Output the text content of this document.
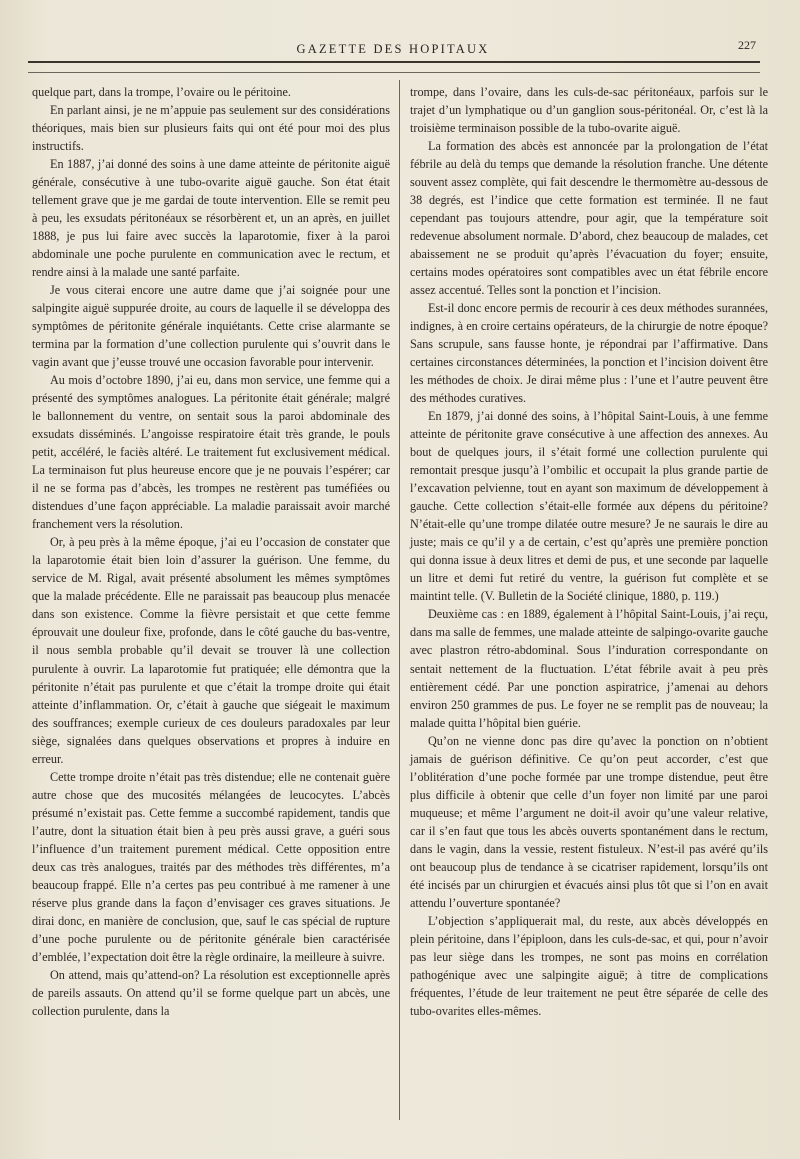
GAZETTE DES HOPITAUX	227

quelque part, dans la trompe, l’ovaire ou le péritoine.

En parlant ainsi, je ne m’appuie pas seulement sur des considérations théoriques, mais bien sur plusieurs faits qui ont été pour moi des plus instructifs.

En 1887, j’ai donné des soins à une dame atteinte de péritonite aiguë générale, consécutive à une tubo-ovarite aiguë gauche. Son état était tellement grave que je me gardai de toute intervention. Elle se remit peu à peu, les exsudats péritonéaux se résorbèrent et, un an après, en juillet 1888, je pus lui faire avec succès la laparotomie, fixer à la paroi abdominale une poche purulente en communication avec le rectum, et rendre ainsi à la malade une santé parfaite.

Je vous citerai encore une autre dame que j’ai soignée pour une salpingite aiguë suppurée droite, au cours de laquelle il se développa des symptômes de péritonite générale inquiétants. Cette crise alarmante se termina par la formation d’une collection purulente qui s’ouvrit dans le vagin avant que j’eusse trouvé une occasion favorable pour intervenir.

Au mois d’octobre 1890, j’ai eu, dans mon service, une femme qui a présenté des symptômes analogues. La péritonite était générale; malgré le ballonnement du ventre, on sentait sous la paroi abdominale des exsudats disséminés. L’angoisse respiratoire était très grande, le pouls petit, accéléré, le faciès altéré. Le traitement fut exclusivement médical. La terminaison fut plus heureuse encore que je ne pouvais l’espérer; car il ne se forma pas d’abcès, les trompes ne restèrent pas tuméfiées ou distendues d’une façon appréciable. La maladie paraissait avoir marché franchement vers la résolution.

Or, à peu près à la même époque, j’ai eu l’occasion de constater que la laparotomie était bien loin d’assurer la guérison. Une femme, du service de M. Rigal, avait présenté absolument les mêmes symptômes que la malade précédente. Elle ne paraissait pas beaucoup plus menacée dans son existence. Comme la fièvre persistait et que cette femme éprouvait une douleur fixe, profonde, dans le côté gauche du bas-ventre, il nous sembla probable qu’il devait se trouver là une collection purulente à ouvrir. La laparotomie fut pratiquée; elle démontra que la péritonite n’était pas purulente et que c’était la trompe droite qui était atteinte d’inflammation. Or, c’était à gauche que siégeait le maximum des souffrances; exemple curieux de ces douleurs paradoxales par leur siège, signalées dans quelques observations et propres à induire en erreur.

Cette trompe droite n’était pas très distendue; elle ne contenait guère autre chose que des mucosités mélangées de leucocytes. L’abcès présumé n’existait pas. Cette femme a succombé rapidement, tandis que l’autre, dont la situation était bien à peu près aussi grave, a guéri sous l’influence d’un traitement purement médical. Cette opposition entre deux cas très analogues, traités par des méthodes très différentes, m’a beaucoup frappé. Elle n’a certes pas peu contribué à me ramener à une réserve plus grande dans la façon d’envisager ces graves situations. Je dirai donc, en manière de conclusion, que, sauf le cas spécial de rupture d’une poche purulente ou de péritonite générale bien caractérisée d’emblée, l’expectation doit être la règle ordinaire, la meilleure à suivre.

On attend, mais qu’attend-on? La résolution est exceptionnelle après de pareils assauts. On attend qu’il se forme quelque part un abcès, une collection purulente, dans la

trompe, dans l’ovaire, dans les culs-de-sac péritonéaux, parfois sur le trajet d’un lymphatique ou d’un ganglion sous-péritonéal. Or, c’est là la troisième terminaison possible de la tubo-ovarite aiguë.

La formation des abcès est annoncée par la prolongation de l’état fébrile au delà du temps que demande la résolution franche. Une détente souvent assez complète, qui fait descendre le thermomètre au-dessous de 38 degrés, est l’indice que cette formation est terminée. Il ne faut cependant pas toujours attendre, pour agir, que la température soit redevenue absolument normale. D’abord, chez beaucoup de malades, cet abaissement ne se produit qu’après l’évacuation du foyer; ensuite, certains modes opératoires sont compatibles avec un état fébrile encore assez accentué. Telles sont la ponction et l’incision.

Est-il donc encore permis de recourir à ces deux méthodes surannées, indignes, à en croire certains opérateurs, de la chirurgie de notre époque? Sans scrupule, sans fausse honte, je répondrai par l’affirmative. Dans certaines circonstances déterminées, la ponction et l’incision doivent être les méthodes de choix. Je dirai même plus : l’une et l’autre peuvent être des méthodes curatives.

En 1879, j’ai donné des soins, à l’hôpital Saint-Louis, à une femme atteinte de péritonite grave consécutive à une affection des annexes. Au bout de quelques jours, il s’était formé une collection purulente qui remontait presque jusqu’à l’ombilic et occupait la plus grande partie de l’excavation pelvienne, tout en ayant son maximum de développement à gauche. Cette collection s’était-elle formée aux dépens du péritoine? N’était-elle qu’une trompe dilatée outre mesure? Je ne saurais le dire au juste; mais ce qu’il y a de certain, c’est qu’après une première ponction qui donna issue à deux litres et demi de pus, et une seconde par laquelle un litre et demi fut retiré du ventre, la guérison fut complète et se maintint telle. (V. Bulletin de la Société clinique, 1880, p. 119.)

Deuxième cas : en 1889, également à l’hôpital Saint-Louis, j’ai reçu, dans ma salle de femmes, une malade atteinte de salpingo-ovarite gauche avec plastron rétro-abdominal. Sous l’induration correspondante on sentait nettement de la fluctuation. L’état fébrile avait à peu près entièrement cédé. Par une ponction aspiratrice, j’amenai au dehors environ 250 grammes de pus. Le foyer ne se remplit pas de nouveau; la malade quitta l’hôpital bien guérie.

Qu’on ne vienne donc pas dire qu’avec la ponction on n’obtient jamais de guérison définitive. Ce qu’on peut accorder, c’est que l’oblitération d’une poche formée par une trompe distendue, peut être plus difficile à obtenir que celle d’un foyer non limité par une paroi muqueuse; et même l’argument ne doit-il avoir qu’une valeur relative, car il s’en faut que tous les abcès ouverts spontanément dans le rectum, dans le vagin, dans la vessie, restent fistuleux. N’est-il pas avéré qu’ils ont beaucoup plus de tendance à se cicatriser rapidement, lorsqu’ils ont été incisés par un chirurgien et évacués ainsi plus tôt que si l’on en avait attendu l’ouverture spontanée?

L’objection s’appliquerait mal, du reste, aux abcès développés en plein péritoine, dans l’épiploon, dans les culs-de-sac, et qui, pour n’avoir pas leur siège dans les trompes, ne sont pas moins en corrélation pathogénique avec une salpingite aiguë; à titre de complications fréquentes, l’étude de leur traitement ne peut être séparée de celle des tubo-ovarites elles-mêmes.
